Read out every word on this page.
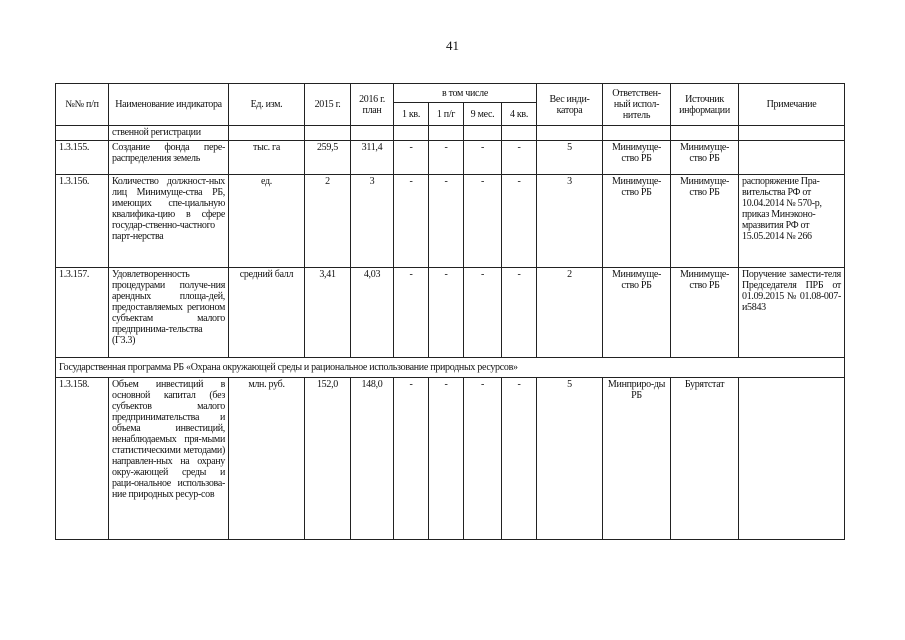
41
№№ п/п	Наименование индикатора	Ед. изм.	2015 г.	2016 г. план	в том числе				Вес инди-катора	Ответствен-ный испол-нитель	Источник информации	Примечание
					1 кв.	1 п/г	9 мес.	4 кв.				
	ственной регистрации											
1.3.155.	Создание фонда пере-распределения земель	тыс. га	259,5	311,4	-	-	-	-	5	Минимуще-ство РБ	Минимуще-ство РБ	
1.3.156.	Количество должност-ных лиц Минимуще-ства РБ, имеющих спе-циальную квалифика-цию в сфере государ-ственно-частного парт-нерства	ед.	2	3	-	-	-	-	3	Минимуще-ство РБ	Минимуще-ство РБ	распоряжение Пра-вительства РФ от 10.04.2014 № 570-р, приказ Минэконо-мразвития РФ от 15.05.2014 № 266
1.3.157.	Удовлетворенность процедурами получе-ния арендных площа-дей, предоставляемых регионом субъектам малого предпринима-тельства (Г3.3)	средний балл	3,41	4,03	-	-	-	-	2	Минимуще-ство РБ	Минимуще-ство РБ	Поручение замести-теля Председателя ПРБ от 01.09.2015 № 01.08-007-и5843
Государственная программа РБ «Охрана окружающей среды и рациональное использование природных ресурсов»												
1.3.158.	Объем инвестиций в основной капитал (без субъектов малого предпринимательства и объема инвестиций, ненаблюдаемых пря-мыми статистическими методами) направлен-ных на охрану окру-жающей среды и раци-ональное использова-ние природных ресур-сов	млн. руб.	152,0	148,0	-	-	-	-	5	Минприро-ды РБ	Бурятстат	
